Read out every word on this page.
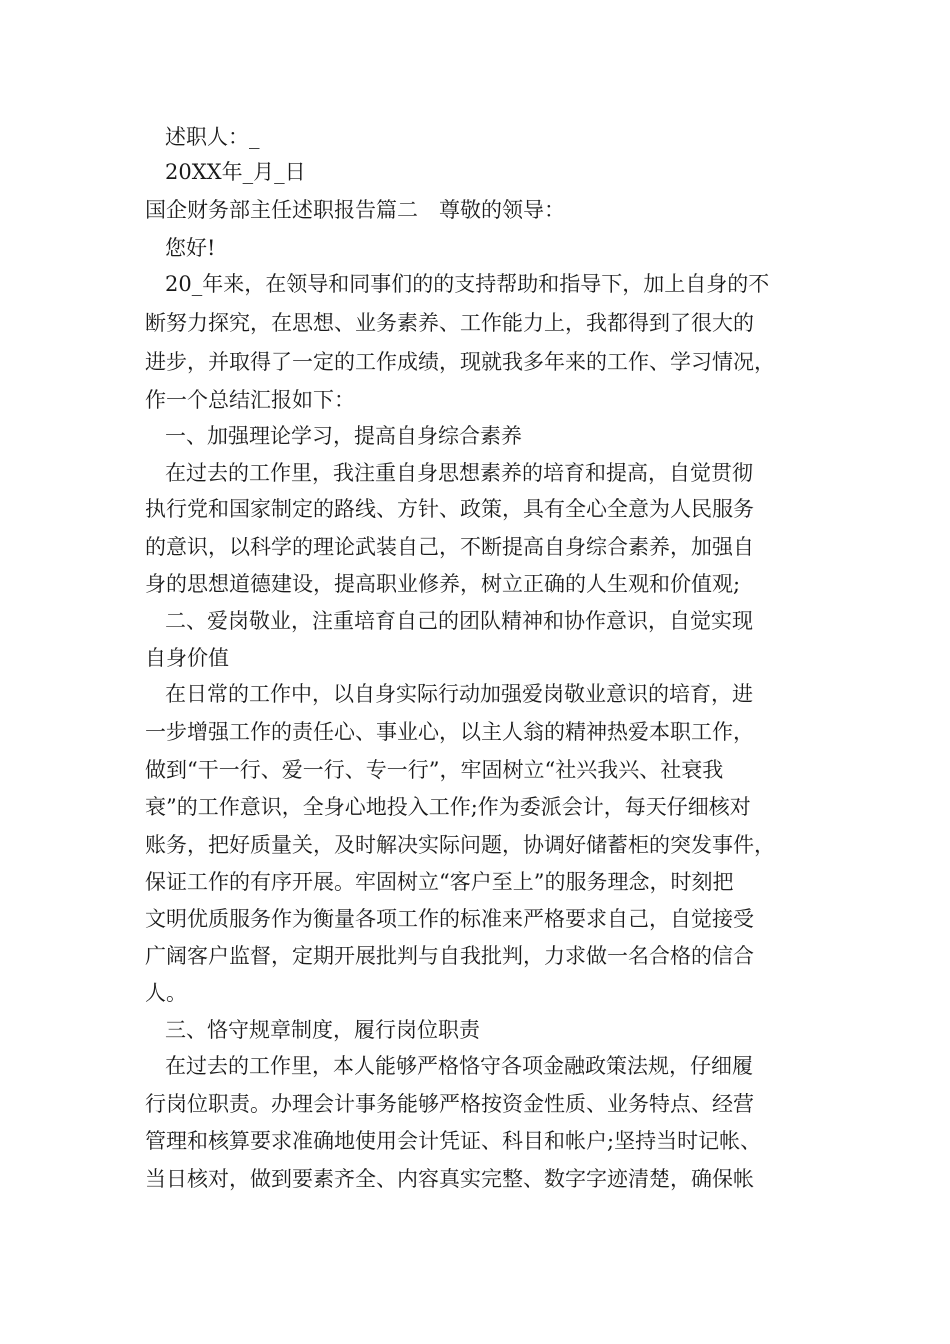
述职人：_
20XX年_月_日
国企财务部主任述职报告篇二　尊敬的领导：
您好!
20_年来，在领导和同事们的的支持帮助和指导下，加上自身的不
断努力探究，在思想、业务素养、工作能力上，我都得到了很大的
进步，并取得了一定的工作成绩，现就我多年来的工作、学习情况，
作一个总结汇报如下：
一、加强理论学习，提高自身综合素养
在过去的工作里，我注重自身思想素养的培育和提高，自觉贯彻
执行党和国家制定的路线、方针、政策，具有全心全意为人民服务
的意识，以科学的理论武装自己，不断提高自身综合素养，加强自
身的思想道德建设，提高职业修养，树立正确的人生观和价值观;
二、爱岗敬业，注重培育自己的团队精神和协作意识，自觉实现
自身价值
在日常的工作中，以自身实际行动加强爱岗敬业意识的培育，进
一步增强工作的责任心、事业心，以主人翁的精神热爱本职工作，
做到“干一行、爱一行、专一行”，牢固树立“社兴我兴、社衰我
衰”的工作意识，全身心地投入工作;作为委派会计，每天仔细核对
账务，把好质量关，及时解决实际问题，协调好储蓄柜的突发事件，
保证工作的有序开展。牢固树立“客户至上”的服务理念，时刻把
文明优质服务作为衡量各项工作的标准来严格要求自己，自觉接受
广阔客户监督，定期开展批判与自我批判，力求做一名合格的信合
人。
三、恪守规章制度，履行岗位职责
在过去的工作里，本人能够严格恪守各项金融政策法规，仔细履
行岗位职责。办理会计事务能够严格按资金性质、业务特点、经营
管理和核算要求准确地使用会计凭证、科目和帐户;坚持当时记帐、
当日核对，做到要素齐全、内容真实完整、数字字迹清楚，确保帐
